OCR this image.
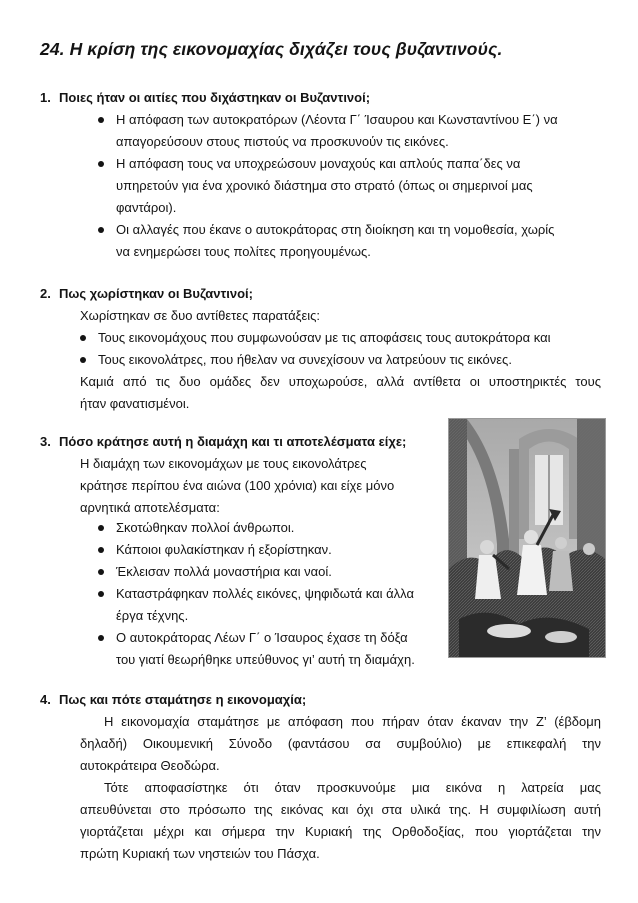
24. Η κρίση της εικονομαχίας διχάζει τους βυζαντινούς.
1. Ποιες ήταν οι αιτίες που διχάστηκαν οι Βυζαντινοί;
Η απόφαση των αυτοκρατόρων (Λέοντα Γ΄ Ίσαυρου και Κωνσταντίνου Ε΄) να
απαγορεύσουν στους πιστούς να προσκυνούν τις εικόνες.
Η απόφαση τους να υποχρεώσουν μοναχούς και απλούς παπα΄δες να
υπηρετούν για ένα χρονικό διάστημα στο στρατό (όπως οι σημερινοί μας
φαντάροι).
Οι αλλαγές που έκανε ο αυτοκράτορας στη διοίκηση και τη νομοθεσία, χωρίς
να ενημερώσει τους πολίτες προηγουμένως.
2. Πως χωρίστηκαν οι Βυζαντινοί;
Χωρίστηκαν σε δυο αντίθετες παρατάξεις:
Τους εικονομάχους που συμφωνούσαν με τις αποφάσεις τους αυτοκράτορα και
Τους εικονολάτρες, που ήθελαν να συνεχίσουν να λατρεύουν τις εικόνες.
Καμιά από τις δυο ομάδες δεν υποχωρούσε, αλλά αντίθετα οι υποστηρικτές τους
ήταν φανατισμένοι.
3. Πόσο κράτησε αυτή η διαμάχη και τι αποτελέσματα είχε;
Η διαμάχη των εικονομάχων με τους εικονολάτρες
κράτησε περίπου ένα αιώνα (100 χρόνια) και είχε μόνο
αρνητικά αποτελέσματα:
Σκοτώθηκαν πολλοί άνθρωποι.
Κάποιοι φυλακίστηκαν ή εξορίστηκαν.
Έκλεισαν πολλά μοναστήρια και ναοί.
Καταστράφηκαν πολλές εικόνες, ψηφιδωτά και άλλα
έργα τέχνης.
Ο αυτοκράτορας Λέων Γ΄ ο Ίσαυρος έχασε τη δόξα
του γιατί θεωρήθηκε υπεύθυνος γι’ αυτή τη διαμάχη.
4. Πως και πότε σταμάτησε η εικονομαχία;
Η εικονομαχία σταμάτησε με απόφαση που πήραν όταν έκαναν την Ζ’ (έβδομη
δηλαδή) Οικουμενική Σύνοδο (φαντάσου σα συμβούλιο) με επικεφαλή την
αυτοκράτειρα Θεοδώρα.
Τότε αποφασίστηκε ότι όταν προσκυνούμε μια εικόνα η λατρεία μας
απευθύνεται στο πρόσωπο της εικόνας και όχι στα υλικά της. Η συμφιλίωση αυτή
γιορτάζεται μέχρι και σήμερα την Κυριακή της Ορθοδοξίας, που γιορτάζεται την
πρώτη Κυριακή των νηστειών του Πάσχα.
